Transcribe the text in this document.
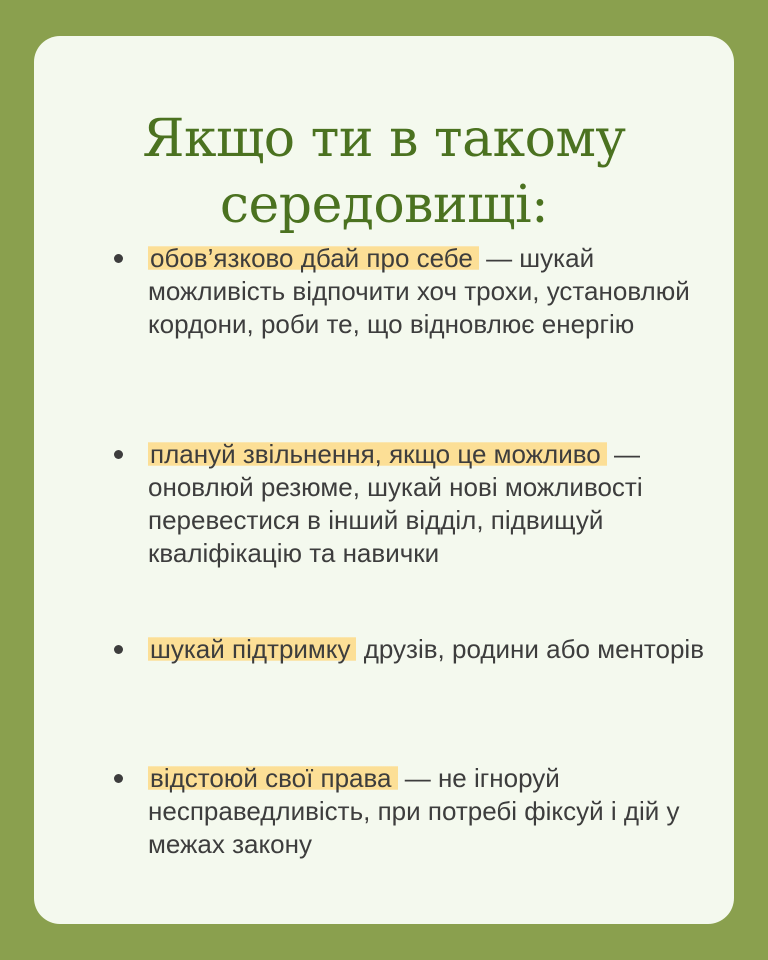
Якщо ти в такому
середовищі:
обов’язково дбай про себе — шукай можливість відпочити хоч трохи, установлюй кордони, роби те, що відновлює енергію
плануй звільнення, якщо це можливо — оновлюй резюме, шукай нові можливості перевестися в інший відділ, підвищуй кваліфікацію та навички
шукай підтримку друзів, родини або менторів
відстоюй свої права — не ігноруй несправедливість, при потребі фіксуй і дій у межах закону
